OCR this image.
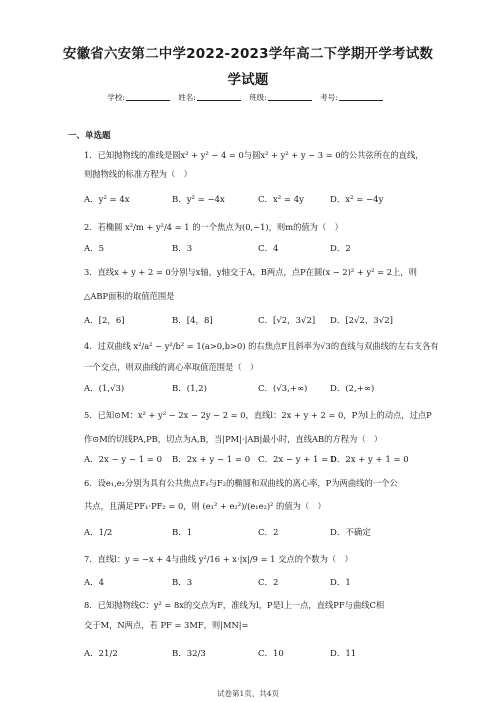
安徽省六安第二中学2022-2023学年高二下学期开学考试数
学试题
学校:	姓名:	班级:	考号:
一、单选题
1．已知抛物线的准线是圆x² + y² − 4 = 0与圆x² + y² + y − 3 = 0的公共弦所在的直线，
则抛物线的标准方程为（　）
A．y² = 4x	B．y² = −4x	C．x² = 4y	D．x² = −4y
2．若椭圆 x²/m + y²/4 = 1 的一个焦点为(0,−1)，则m的值为（　）
A．5	B．3	C．4	D．2
3．直线x + y + 2 = 0分别与x轴，y轴交于A，B两点，点P在圆(x − 2)² + y² = 2上，则
△ABP面积的取值范围是
A．[2，6]	B．[4，8]	C．[√2，3√2] D．[2√2，3√2]
4．过双曲线 x²/a² − y²/b² = 1(a>0,b>0) 的右焦点F且斜率为√3的直线与双曲线的左右支各有
一个交点，则双曲线的离心率取值范围是（　）
A．(1,√3)	B．(1,2)	C．(√3,+∞)	D．(2,+∞)
5．已知⊙M：x² + y² − 2x − 2y − 2 = 0，直线l：2x + y + 2 = 0，P为l上的动点，过点P
作⊙M的切线PA,PB，切点为A,B，当|PM|·|AB|最小时，直线AB的方程为（　）
A．2x − y − 1 = 0 B．2x + y − 1 = 0 C．2x − y + 1 = 0
D．2x + y + 1 = 0
6．设e₁,e₂分别为具有公共焦点F₁与F₂的椭圆和双曲线的离心率，P为两曲线的一个公
共点，且满足PF₁·PF₂ = 0，则 (e₁² + e₂²)/(e₁e₂)² 的值为（　）
A．1/2	B．1	C．2	D．不确定
7．直线l：y = −x + 4与曲线 y²/16 + x·|x|/9 = 1 交点的个数为（　）
A．4	B．3	C．2	D．1
8．已知抛物线C：y² = 8x的交点为F，准线为l，P是l上一点，直线PF与曲线C相
交于M，N两点，若 PF = 3MF，则|MN|=
A．21/2	B．32/3	C．10	D．11
试卷第1页，共4页
